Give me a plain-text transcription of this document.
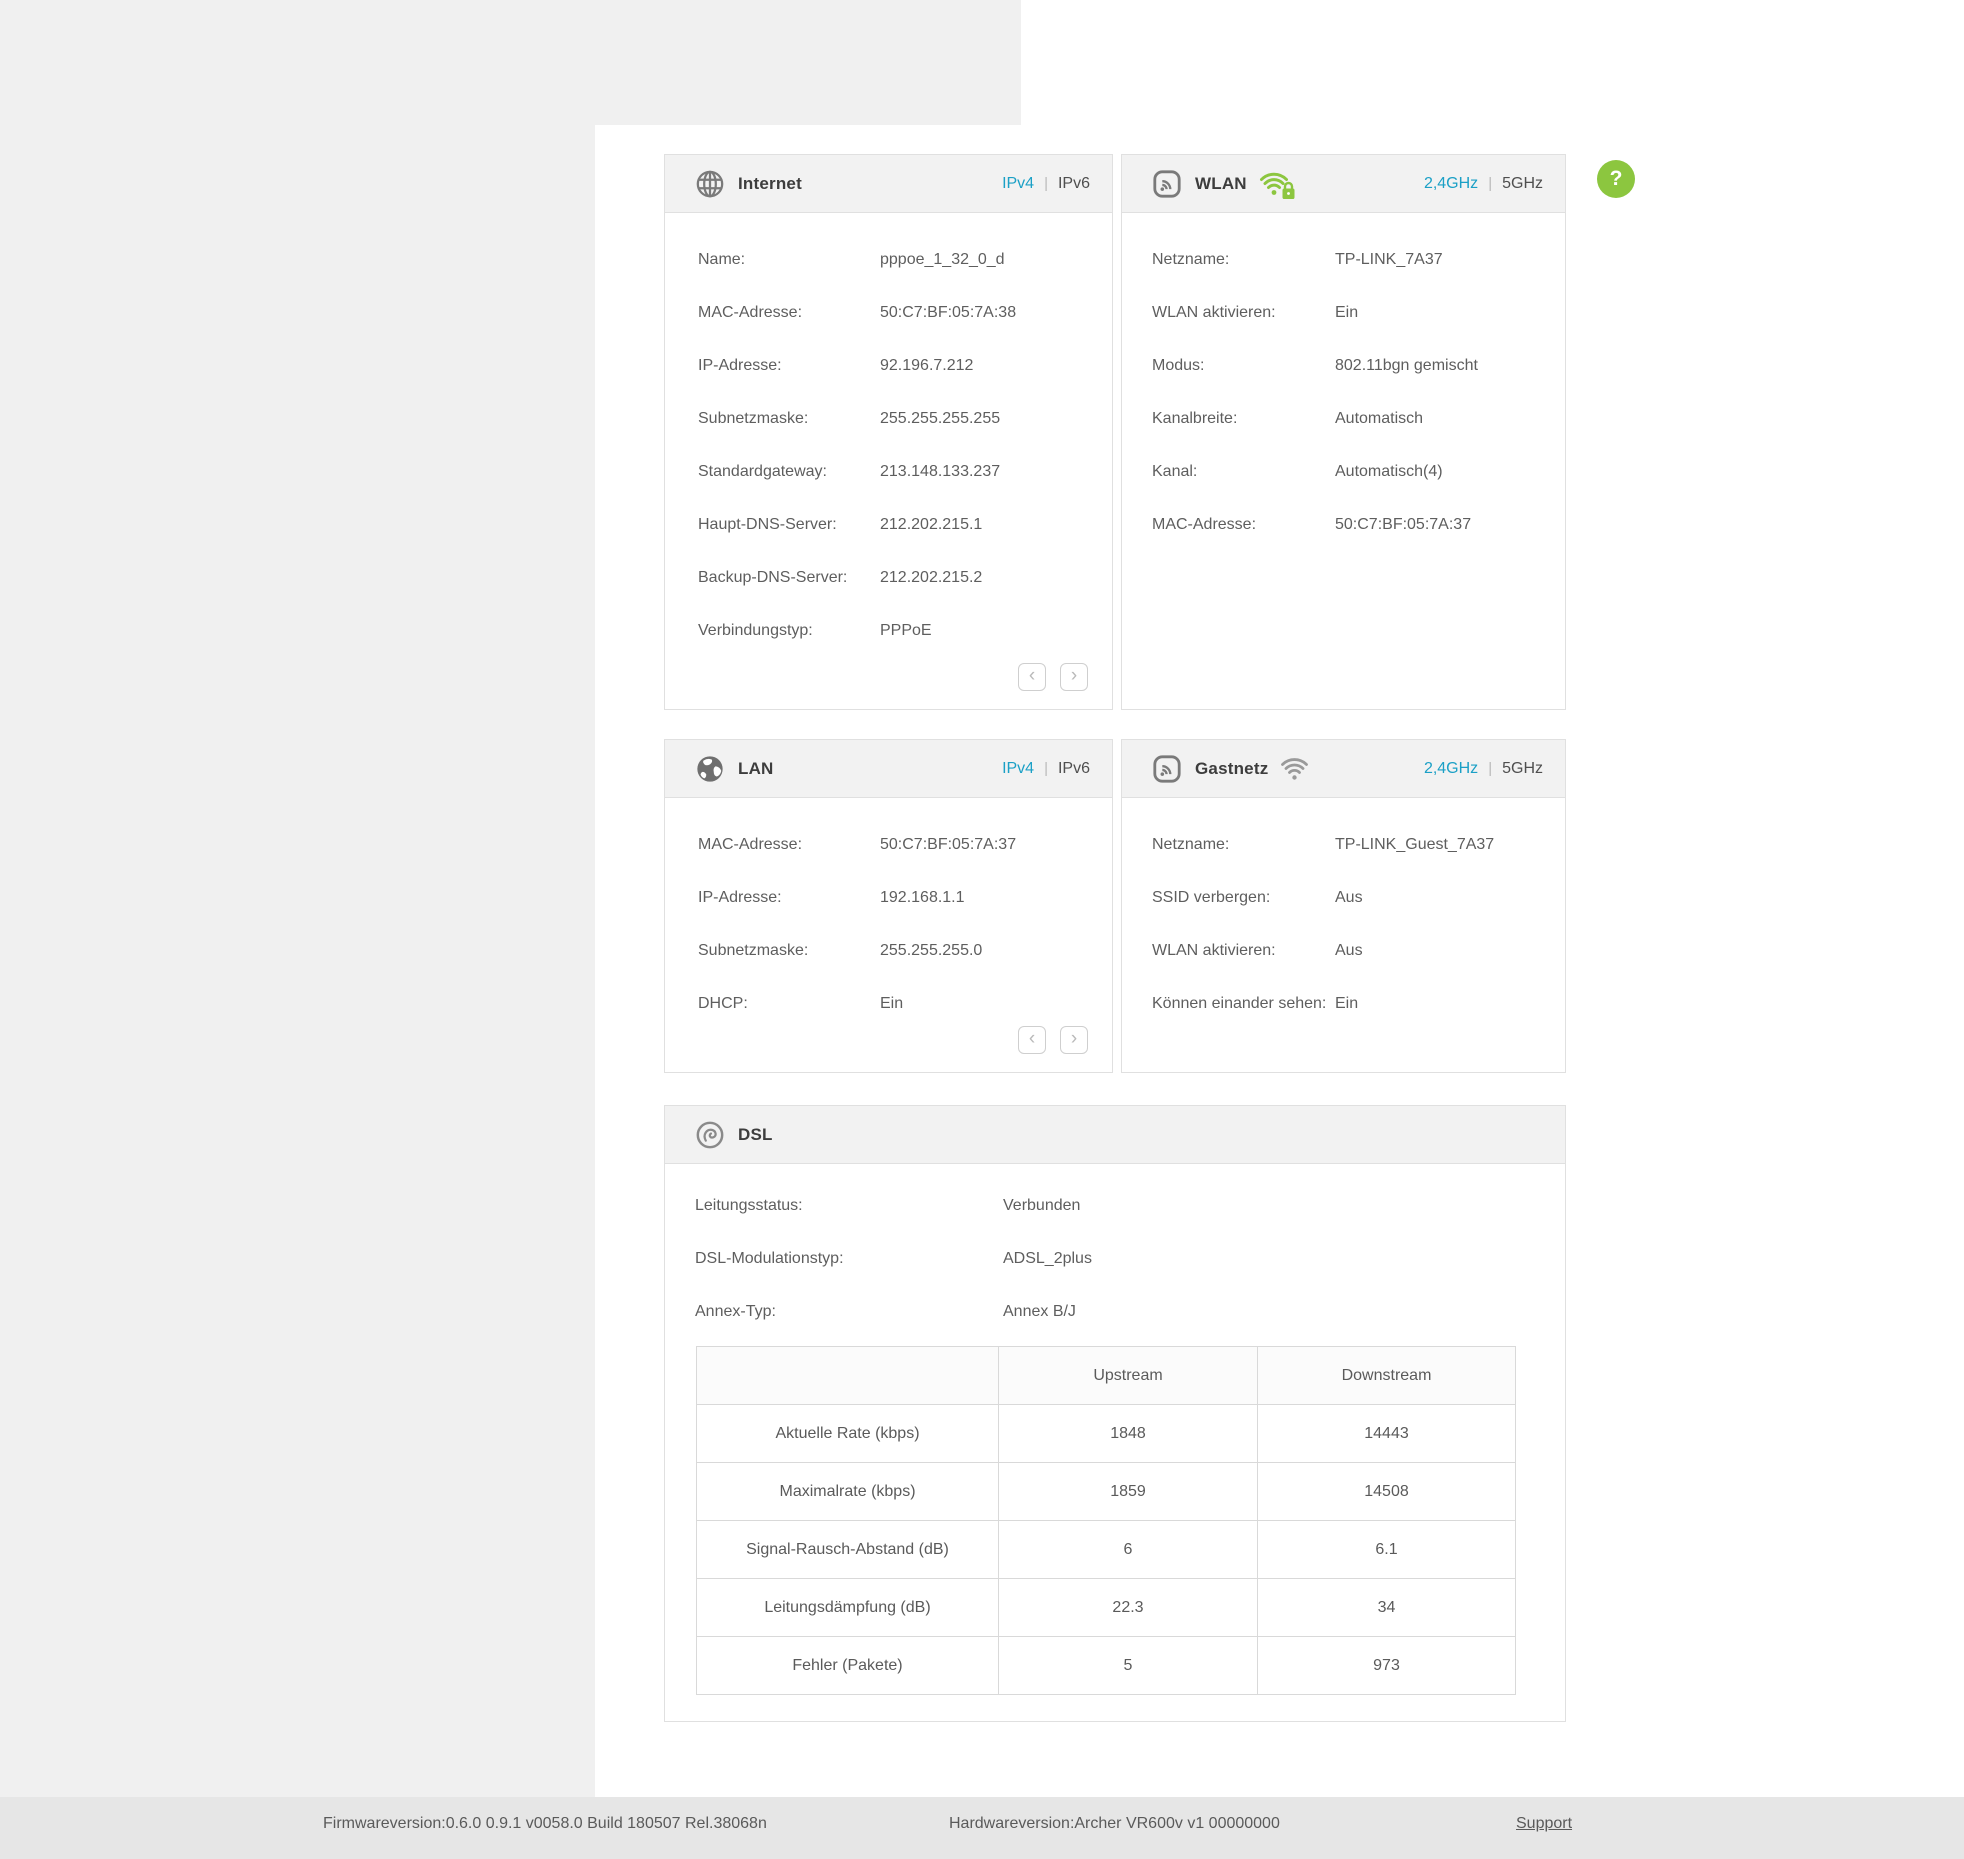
Internet	IPv4 | IPv6
Name:	pppoe_1_32_0_d
MAC-Adresse:	50:C7:BF:05:7A:38
IP-Adresse:	92.196.7.212
Subnetzmaske:	255.255.255.255
Standardgateway:	213.148.133.237
Haupt-DNS-Server:	212.202.215.1
Backup-DNS-Server:	212.202.215.2
Verbindungstyp:	PPPoE
‹	›
WLAN	2,4GHz | 5GHz
Netzname:	TP-LINK_7A37
WLAN aktivieren:	Ein
Modus:	802.11bgn gemischt
Kanalbreite:	Automatisch
Kanal:	Automatisch(4)
MAC-Adresse:	50:C7:BF:05:7A:37
LAN	IPv4 | IPv6
MAC-Adresse:	50:C7:BF:05:7A:37
IP-Adresse:	192.168.1.1
Subnetzmaske:	255.255.255.0
DHCP:	Ein
‹	›
Gastnetz	2,4GHz | 5GHz
Netzname:	TP-LINK_Guest_7A37
SSID verbergen:	Aus
WLAN aktivieren:	Aus
Können einander sehen: Ein
DSL
Leitungsstatus:	Verbunden
DSL-Modulationstyp:	ADSL_2plus
Annex-Typ:	Annex B/J
	Upstream	Downstream
Aktuelle Rate (kbps)	1848	14443
Maximalrate (kbps)	1859	14508
Signal-Rausch-Abstand (dB)	6	6.1
Leitungsdämpfung (dB)	22.3	34
Fehler (Pakete)	5	973
?
Firmwareversion:0.6.0 0.9.1 v0058.0 Build 180507 Rel.38068n	Hardwareversion:Archer VR600v v1 00000000	Support
